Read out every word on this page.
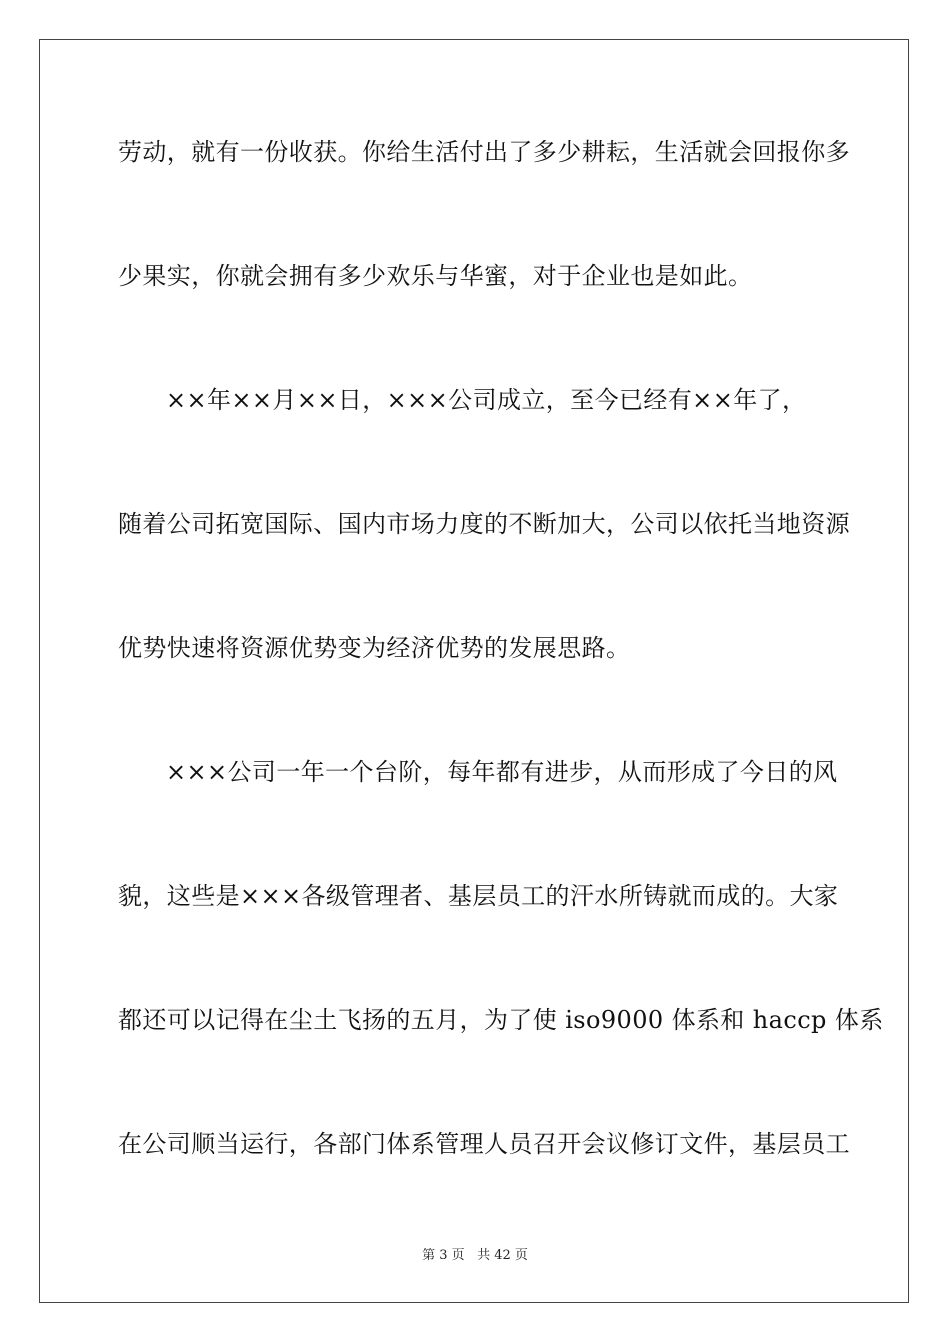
劳动，就有一份收获。你给生活付出了多少耕耘，生活就会回报你多
少果实，你就会拥有多少欢乐与华蜜，对于企业也是如此。
××年××月××日，×××公司成立，至今已经有××年了，
随着公司拓宽国际、国内市场力度的不断加大，公司以依托当地资源
优势快速将资源优势变为经济优势的发展思路。
×××公司一年一个台阶，每年都有进步，从而形成了今日的风
貌，这些是×××各级管理者、基层员工的汗水所铸就而成的。大家
都还可以记得在尘土飞扬的五月，为了使 iso9000 体系和 haccp 体系
在公司顺当运行，各部门体系管理人员召开会议修订文件，基层员工
第 3 页 共 42 页
